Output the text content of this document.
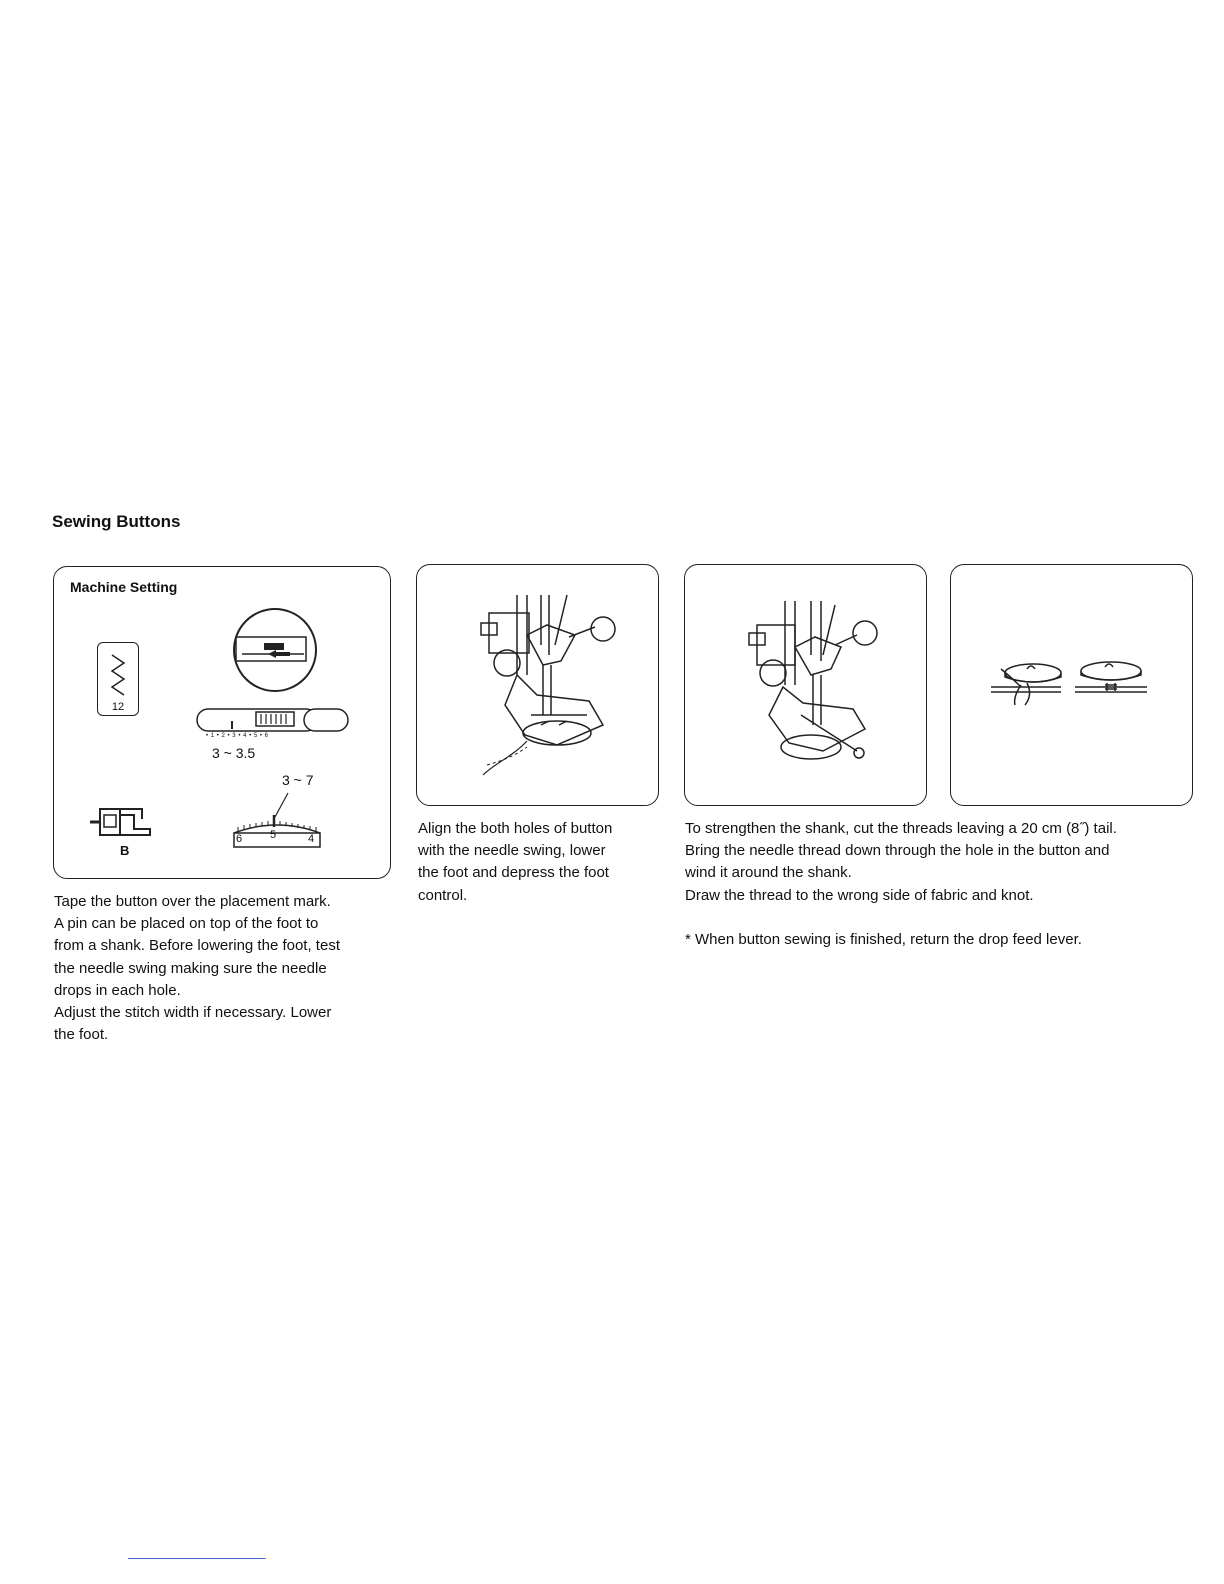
Sewing Buttons
Machine Setting
12
• 1 • 2 • 3 • 4 • 5 • 6
3 ~ 3.5
3 ~ 7
6	5	4
B

Tape the button over the placement mark.

A pin can be placed on top of the foot to

from a shank. Before lowering the foot, test

the needle swing making sure the needle

drops in each hole.

Adjust the stitch width if necessary. Lower

the foot.

Align the both holes of button

with the needle swing, lower

the foot and depress the foot

control.

To strengthen the shank, cut the threads leaving a 20 cm (8˝) tail.

Bring the needle thread down through the hole in the button and

wind it around the shank.

Draw the thread to the wrong side of fabric and knot.

* When button sewing is finished, return the drop feed lever.
